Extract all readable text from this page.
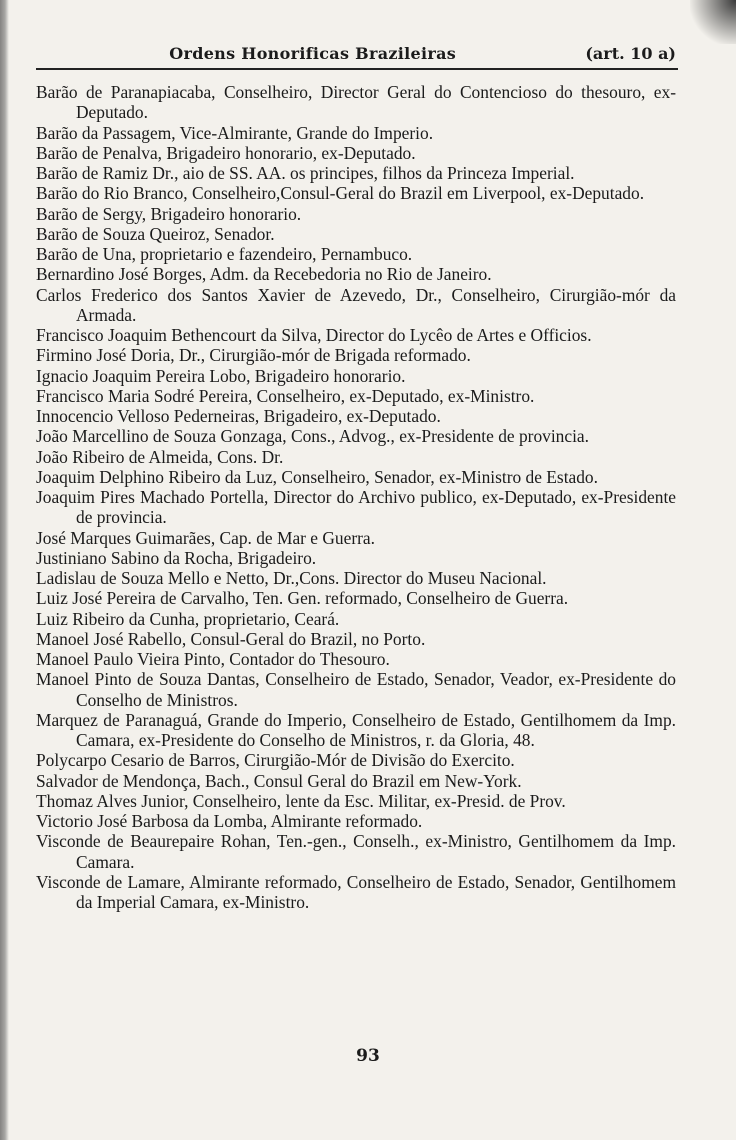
Ordens Honorificas Brazileiras	(art. 10 a)

Barão de Paranapiacaba, Conselheiro, Director Geral do Contencioso do thesouro, ex-Deputado.

Barão da Passagem, Vice-Almirante, Grande do Imperio.

Barão de Penalva, Brigadeiro honorario, ex-Deputado.

Barão de Ramiz Dr., aio de SS. AA. os principes, filhos da Princeza Imperial.

Barão do Rio Branco, Conselheiro,Consul-Geral do Brazil em Liverpool, ex-Deputado.

Barão de Sergy, Brigadeiro honorario.

Barão de Souza Queiroz, Senador.

Barão de Una, proprietario e fazendeiro, Pernambuco.

Bernardino José Borges, Adm. da Recebedoria no Rio de Janeiro.

Carlos Frederico dos Santos Xavier de Azevedo, Dr., Conselheiro, Cirurgião-mór da Armada.

Francisco Joaquim Bethencourt da Silva, Director do Lycêo de Artes e Officios.

Firmino José Doria, Dr., Cirurgião-mór de Brigada reformado.

Ignacio Joaquim Pereira Lobo, Brigadeiro honorario.

Francisco Maria Sodré Pereira, Conselheiro, ex-Deputado, ex-Ministro.

Innocencio Velloso Pederneiras, Brigadeiro, ex-Deputado.

João Marcellino de Souza Gonzaga, Cons., Advog., ex-Presidente de provincia.

João Ribeiro de Almeida, Cons. Dr.

Joaquim Delphino Ribeiro da Luz, Conselheiro, Senador, ex-Ministro de Estado.

Joaquim Pires Machado Portella, Director do Archivo publico, ex-Deputado, ex-Presidente de provincia.

José Marques Guimarães, Cap. de Mar e Guerra.

Justiniano Sabino da Rocha, Brigadeiro.

Ladislau de Souza Mello e Netto, Dr.,Cons. Director do Museu Nacional.

Luiz José Pereira de Carvalho, Ten. Gen. reformado, Conselheiro de Guerra.

Luiz Ribeiro da Cunha, proprietario, Ceará.

Manoel José Rabello, Consul-Geral do Brazil, no Porto.

Manoel Paulo Vieira Pinto, Contador do Thesouro.

Manoel Pinto de Souza Dantas, Conselheiro de Estado, Senador, Veador, ex-Presidente do Conselho de Ministros.

Marquez de Paranaguá, Grande do Imperio, Conselheiro de Estado, Gentilhomem da Imp. Camara, ex-Presidente do Conselho de Ministros, r. da Gloria, 48.

Polycarpo Cesario de Barros, Cirurgião-Mór de Divisão do Exercito.

Salvador de Mendonça, Bach., Consul Geral do Brazil em New-York.

Thomaz Alves Junior, Conselheiro, lente da Esc. Militar, ex-Presid. de Prov.

Victorio José Barbosa da Lomba, Almirante reformado.

Visconde de Beaurepaire Rohan, Ten.-gen., Conselh., ex-Ministro, Gentilhomem da Imp. Camara.

Visconde de Lamare, Almirante reformado, Conselheiro de Estado, Senador, Gentilhomem da Imperial Camara, ex-Ministro.

93
